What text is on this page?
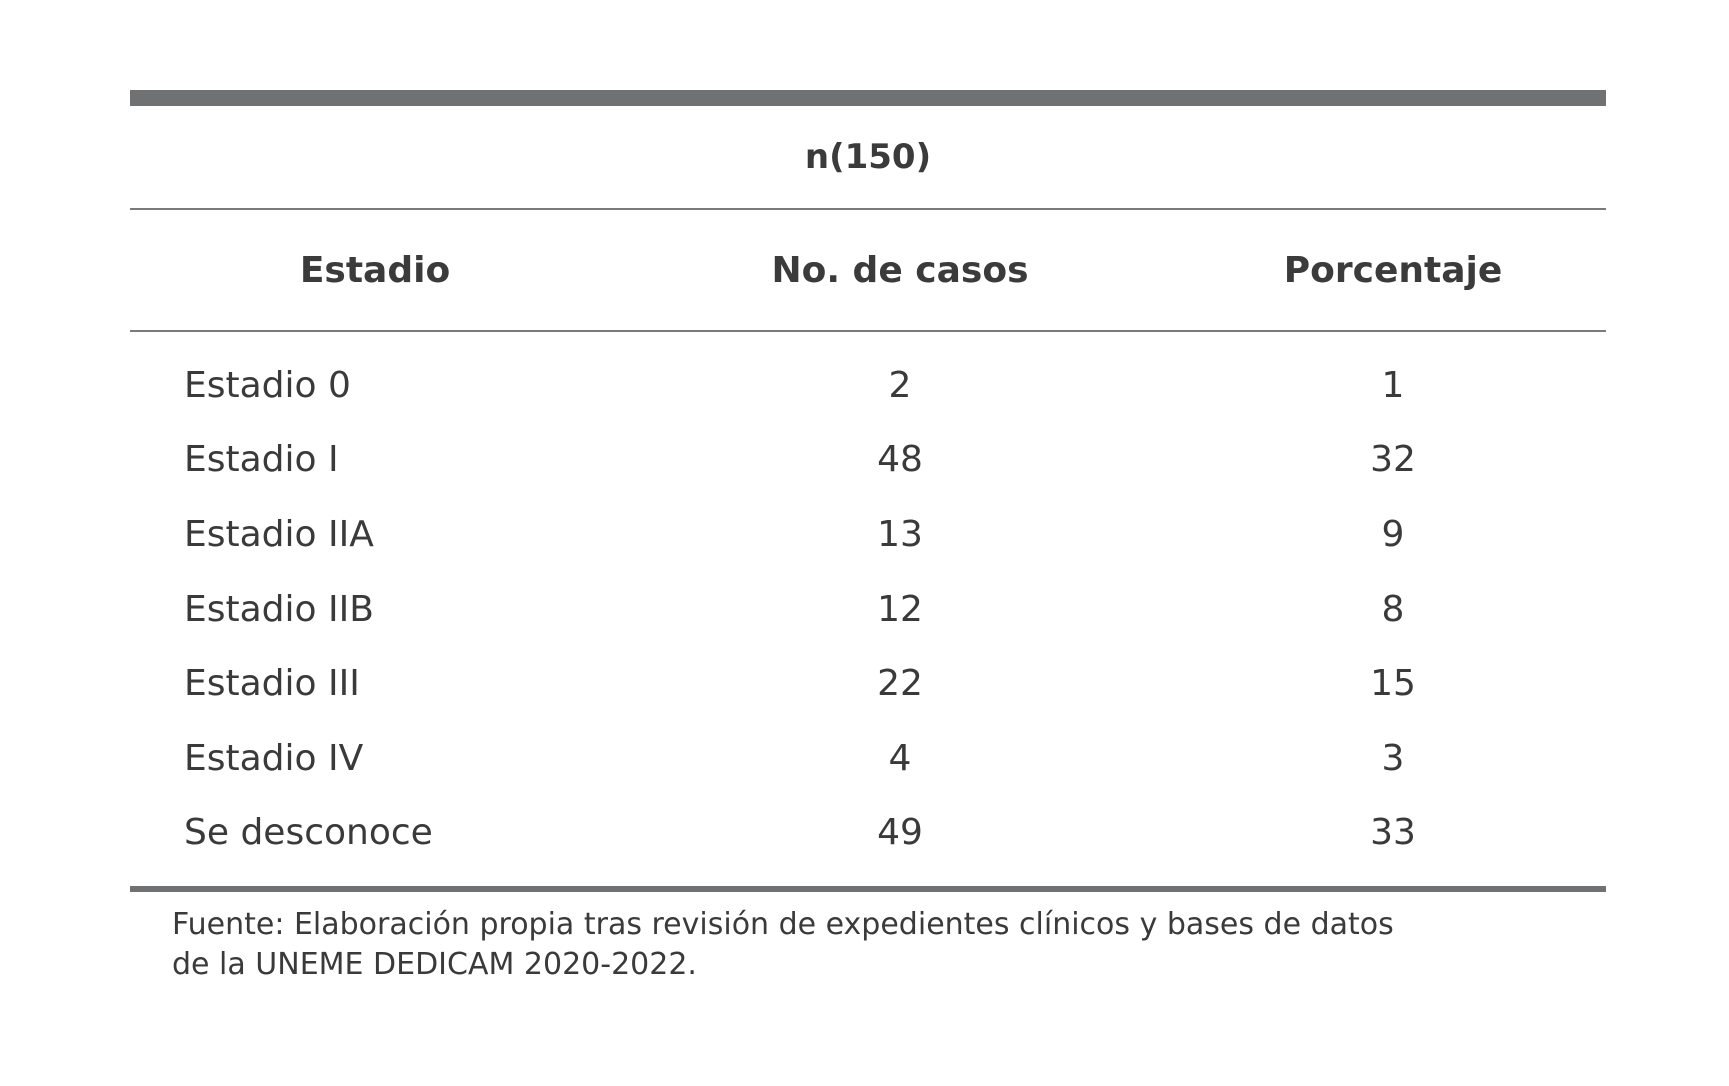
n(150)
Estadio	No. de casos	Porcentaje
Estadio 0	2	1
Estadio I	48	32
Estadio IIA	13	9
Estadio IIB	12	8
Estadio III	22	15
Estadio IV	4	3
Se desconoce	49	33
Fuente: Elaboración propia tras revisión de expedientes clínicos y bases de datos
de la UNEME DEDICAM 2020-2022.
